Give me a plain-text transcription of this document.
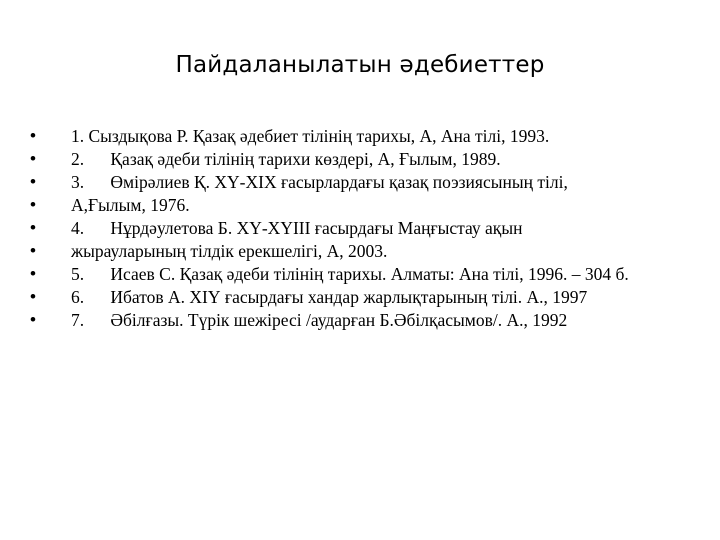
Пайдаланылатын әдебиеттер
•	1. Сыздықова Р. Қазақ әдебиет тілінің тарихы, А, Ана тілі, 1993.
•	2.      Қазақ әдеби тілінің тарихи көздері, А, Ғылым, 1989.
•	3.      Өмірәлиев Қ. ХҮ-ХІХ ғасырлардағы қазақ поэзиясының тілі,
•	А,Ғылым, 1976.
•	4.      Нұрдәулетова Б. ХҮ-ХҮІІІ ғасырдағы Маңғыстау ақын
•	жырауларының тілдік ерекшелігі, А, 2003.
•	5.      Исаев С. Қазақ әдеби тілінің тарихы. Алматы: Ана тілі, 1996. – 304 б.
•	6.      Ибатов А. ХІҮ ғасырдағы хандар жарлықтарының тілі. А., 1997
•	7.      Әбілғазы. Түрік шежіресі /аударған Б.Әбілқасымов/. А., 1992
